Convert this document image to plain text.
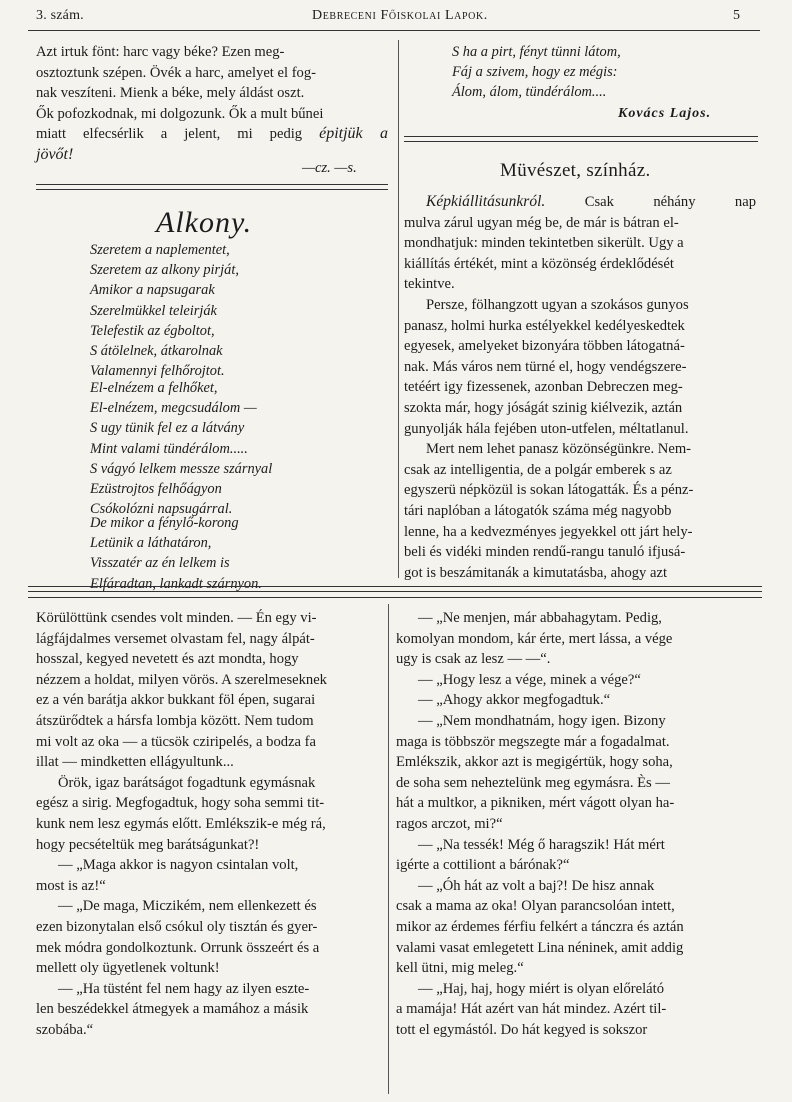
3. szám.	Debreceni Főiskolai Lapok.	5
Azt irtuk fönt: harc vagy béke? Ezen meg-
osztoztunk szépen. Övék a harc, amelyet el fog-
nak veszíteni. Mienk a béke, mely áldást oszt.
Ők pofozkodnak, mi dolgozunk. Ők a mult bűnei
miatt elfecsérlik a jelent, mi pedig épitjük a
jövőt!
—cz. —s.
Alkony.
Szeretem a naplementet,
Szeretem az alkony pirját,
Amikor a napsugarak
Szerelmükkel teleirják
Telefestik az égboltot,
S átölelnek, átkarolnak
Valamennyi felhőrojtot.
El-elnézem a felhőket,
El-elnézem, megcsudálom —
S ugy tünik fel ez a látvány
Mint valami tündérálom.....
S vágyó lelkem messze szárnyal
Ezüstrojtos felhőágyon
Csókolózni napsugárral.
De mikor a fénylő-korong
Letünik a láthatáron,
Visszatér az én lelkem is
Elfáradtan, lankadt szárnyon.
S ha a pirt, fényt tünni látom,
Fáj a szivem, hogy ez mégis:
Álom, álom, tündérálom....
Kovács Lajos.
Müvészet, színház.
Képkiállitásunkról.	Csak néhány nap
mulva zárul ugyan még be, de már is bátran el-
mondhatjuk: minden tekintetben sikerült. Ugy a
kiállítás értékét, mint a közönség érdeklődését
tekintve.
Persze, fölhangzott ugyan a szokásos gunyos
panasz, holmi hurka estélyekkel kedélyeskedtek
egyesek, amelyeket bizonyára többen látogatná-
nak. Más város nem türné el, hogy vendégszere-
tetéért igy fizessenek, azonban Debreczen meg-
szokta már, hogy jóságát szinig kiélvezik, aztán
gunyolják hála fejében uton-utfelen, méltatlanul.
Mert nem lehet panasz közönségünkre. Nem-
csak az intelligentia, de a polgár emberek s az
egyszerü népközül is sokan látogatták. És a pénz-
tári naplóban a látogatók száma még nagyobb
lenne, ha a kedvezményes jegyekkel ott járt hely-
beli és vidéki minden rendű-rangu tanuló ifjusá-
got is beszámitanák a kimutatásba, ahogy azt
Körülöttünk csendes volt minden. — Én egy vi-
lágfájdalmes versemet olvastam fel, nagy álpát-
hosszal, kegyed nevetett és azt mondta, hogy
nézzem a holdat, milyen vörös. A szerelmeseknek
ez a vén barátja akkor bukkant föl épen, sugarai
átszürődtek a hársfa lombja között. Nem tudom
mi volt az oka — a tücsök cziripelés, a bodza fa
illat — mindketten ellágyultunk...
Örök, igaz barátságot fogadtunk egymásnak
egész a sirig. Megfogadtuk, hogy soha semmi tit-
kunk nem lesz egymás előtt. Emlékszik-e még rá,
hogy pecsételtük meg barátságunkat?!
— „Maga akkor is nagyon csintalan volt,
most is az!“
— „De maga, Miczikém, nem ellenkezett és
ezen bizonytalan első csókul oly tisztán és gyer-
mek módra gondolkoztunk. Orrunk összeért és a
mellett oly ügyetlenek voltunk!
— „Ha tüstént fel nem hagy az ilyen eszte-
len beszédekkel átmegyek a mamához a másik
szobába.“
— „Ne menjen, már abbahagytam. Pedig,
komolyan mondom, kár érte, mert lássa, a vége
ugy is csak az lesz — —“.
— „Hogy lesz a vége, minek a vége?“
— „Ahogy akkor megfogadtuk.“
— „Nem mondhatnám, hogy igen. Bizony
maga is többször megszegte már a fogadalmat.
Emlékszik, akkor azt is megigértük, hogy soha,
de soha sem neheztelünk meg egymásra. Ès —
hát a multkor, a pikniken, mért vágott olyan ha-
ragos arczot, mi?“
— „Na tessék! Még ő haragszik! Hát mért
igérte a cottiliont a bárónak?“
— „Óh hát az volt a baj?! De hisz annak
csak a mama az oka! Olyan parancsolóan intett,
mikor az érdemes férfiu felkért a tánczra és aztán
valami vasat emlegetett Lina néninek, amit addig
kell ütni, mig meleg.“
— „Haj, haj, hogy miért is olyan előrelátó
a mamája! Hát azért van hát mindez. Azért til-
tott el egymástól. Do hát kegyed is sokszor
